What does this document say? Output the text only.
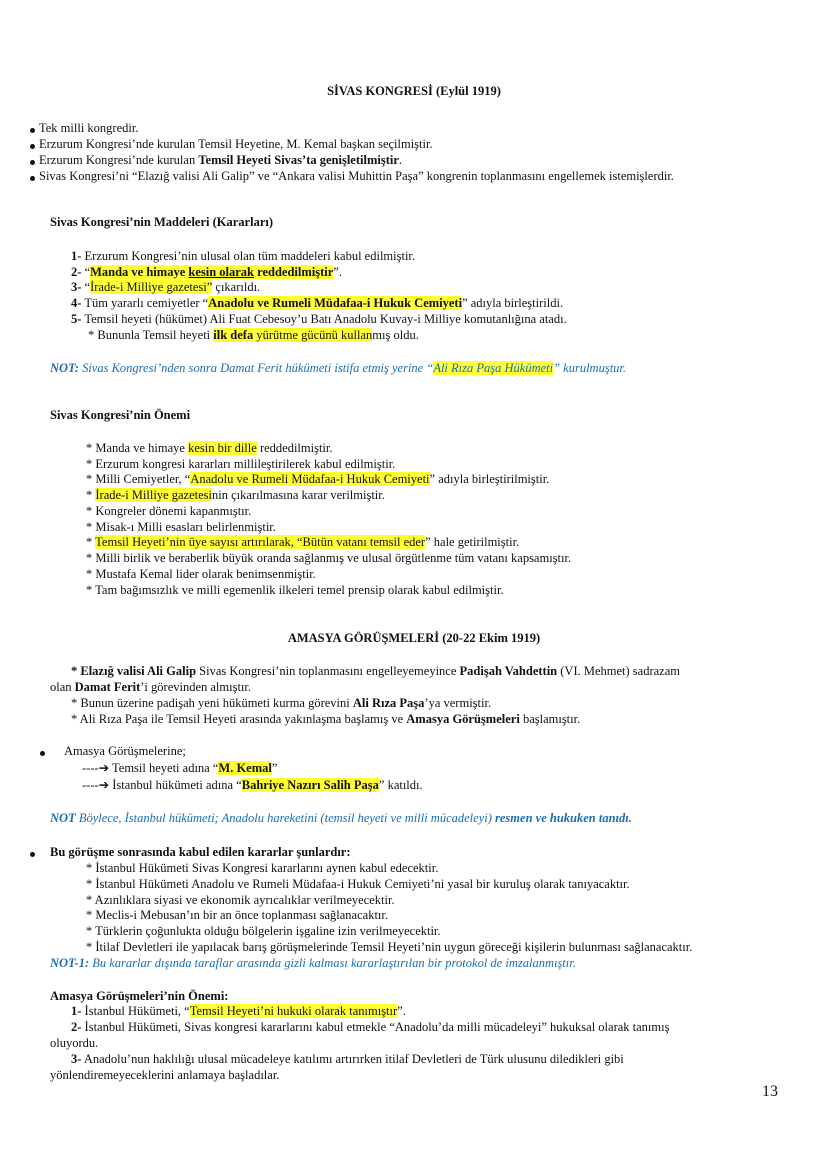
SİVAS KONGRESİ (Eylül 1919)
Tek milli kongredir.
Erzurum Kongresi’nde kurulan Temsil Heyetine, M. Kemal başkan seçilmiştir.
Erzurum Kongresi’nde kurulan Temsil Heyeti Sivas’ta genişletilmiştir.
Sivas Kongresi’ni “Elazığ valisi Ali Galip” ve “Ankara valisi Muhittin Paşa” kongrenin toplanmasını engellemek istemişlerdir.
Sivas Kongresi’nin Maddeleri (Kararları)
1- Erzurum Kongresi’nin ulusal olan tüm maddeleri kabul edilmiştir.
2- “Manda ve himaye kesin olarak reddedilmiştir”.
3- “İrade-i Milliye gazetesi” çıkarıldı.
4- Tüm yararlı cemiyetler “Anadolu ve Rumeli Müdafaa-i Hukuk Cemiyeti” adıyla birleştirildi.
5- Temsil heyeti (hükümet) Ali Fuat Cebesoy’u Batı Anadolu Kuvay-i Milliye komutanlığına atadı.
* Bununla Temsil heyeti ilk defa yürütme gücünü kullanmış oldu.
NOT: Sivas Kongresi’nden sonra Damat Ferit hükümeti istifa etmiş yerine “Ali Rıza Paşa Hükümeti” kurulmuştur.
Sivas Kongresi’nin Önemi
* Manda ve himaye kesin bir dille reddedilmiştir.
* Erzurum kongresi kararları millileştirilerek kabul edilmiştir.
* Milli Cemiyetler, “Anadolu ve Rumeli Müdafaa-i Hukuk Cemiyeti” adıyla birleştirilmiştir.
* İrade-i Milliye gazetesinin çıkarılmasına karar verilmiştir.
* Kongreler dönemi kapanmıştır.
* Misak-ı Milli esasları belirlenmiştir.
* Temsil Heyeti’nin üye sayısı artırılarak, “Bütün vatanı temsil eder” hale getirilmiştir.
* Milli birlik ve beraberlik büyük oranda sağlanmış ve ulusal örgütlenme tüm vatanı kapsamıştır.
* Mustafa Kemal lider olarak benimsenmiştir.
* Tam bağımsızlık ve milli egemenlik ilkeleri temel prensip olarak kabul edilmiştir.
AMASYA GÖRÜŞMELERİ (20-22 Ekim 1919)
* Elazığ valisi Ali Galip Sivas Kongresi’nin toplanmasını engelleyemeyince Padişah Vahdettin (VI. Mehmet) sadrazam
olan Damat Ferit’i görevinden almıştır.
* Bunun üzerine padişah yeni hükümeti kurma görevini Ali Rıza Paşa’ya vermiştir.
* Ali Rıza Paşa ile Temsil Heyeti arasında yakınlaşma başlamış ve Amasya Görüşmeleri başlamıştır.
Amasya Görüşmelerine;
----➔ Temsil heyeti adına “M. Kemal”
----➔ İstanbul hükümeti adına “Bahriye Nazırı Salih Paşa” katıldı.
NOT Böylece, İstanbul hükümeti; Anadolu hareketini (temsil heyeti ve milli mücadeleyi) resmen ve hukuken tanıdı.
Bu görüşme sonrasında kabul edilen kararlar şunlardır:
* İstanbul Hükümeti Sivas Kongresi kararlarını aynen kabul edecektir.
* İstanbul Hükümeti Anadolu ve Rumeli Müdafaa-i Hukuk Cemiyeti’ni yasal bir kuruluş olarak tanıyacaktır.
* Azınlıklara siyasi ve ekonomik ayrıcalıklar verilmeyecektir.
* Meclis-i Mebusan’ın bir an önce toplanması sağlanacaktır.
* Türklerin çoğunlukta olduğu bölgelerin işgaline izin verilmeyecektir.
* İtilaf Devletleri ile yapılacak barış görüşmelerinde Temsil Heyeti’nin uygun göreceği kişilerin bulunması sağlanacaktır.
NOT-1: Bu kararlar dışında taraflar arasında gizli kalması kararlaştırılan bir protokol de imzalanmıştır.
Amasya Görüşmeleri’nin Önemi:
1- İstanbul Hükümeti, “Temsil Heyeti’ni hukuki olarak tanımıştır”.
2- İstanbul Hükümeti, Sivas kongresi kararlarını kabul etmekle “Anadolu’da milli mücadeleyi” hukuksal olarak tanımış
oluyordu.
3- Anadolu’nun haklılığı ulusal mücadeleye katılımı artırırken itilaf Devletleri de Türk ulusunu diledikleri gibi
yönlendiremeyeceklerini anlamaya başladılar.
13
